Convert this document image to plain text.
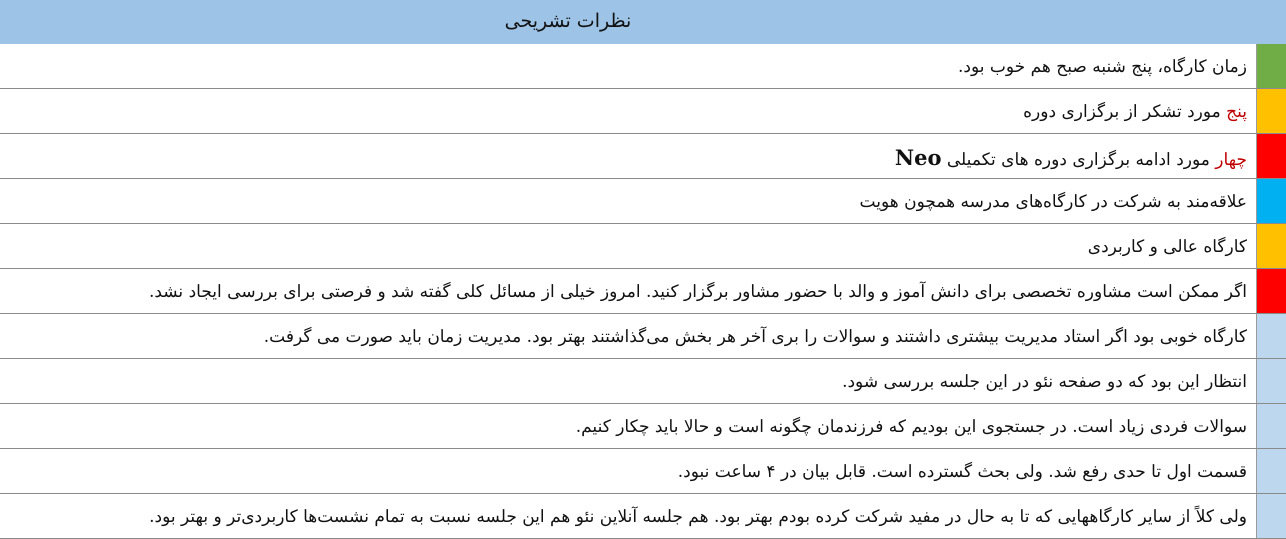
نظرات تشریحی
زمان کارگاه، پنج شنبه صبح هم خوب بود.
پنج مورد تشکر از برگزاری دوره
چهار مورد ادامه برگزاری دوره های تکمیلی Neo
علاقه‌مند به شرکت در کارگاه‌های مدرسه همچون هویت
کارگاه عالی و کاربردی
اگر ممکن است مشاوره تخصصی برای دانش آموز و والد با حضور مشاور برگزار کنید. امروز خیلی از مسائل کلی گفته شد و فرصتی برای بررسی ایجاد نشد.
کارگاه خوبی بود اگر استاد مدیریت بیشتری داشتند و سوالات را بری آخر هر بخش می‌گذاشتند بهتر بود. مدیریت زمان باید صورت می گرفت.
انتظار این بود که دو صفحه نئو در این جلسه بررسی شود.
سوالات فردی زیاد است. در جستجوی این بودیم که فرزندمان چگونه است و حالا باید چکار کنیم.
قسمت اول تا حدی رفع شد. ولی بحث گسترده است. قابل بیان در ۴ ساعت نبود.
ولی کلاً از سایر کارگاههایی که تا به حال در مفید شرکت کرده بودم بهتر بود. هم جلسه آنلاین نئو هم این جلسه نسبت به تمام نشست‌ها کاربردی‌تر و بهتر بود.
